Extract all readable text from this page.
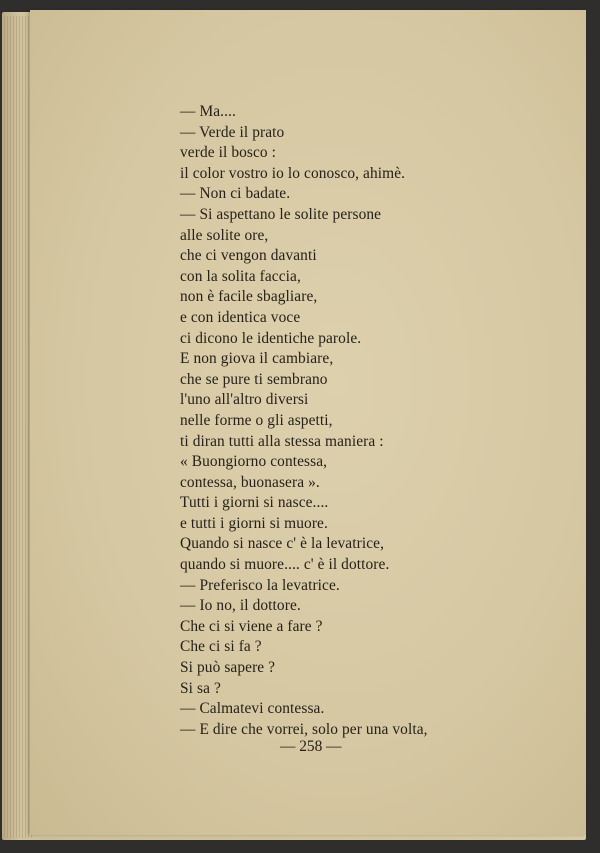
— Ma....
— Verde il prato
verde il bosco :
il color vostro io lo conosco, ahimè.
— Non ci badate.
— Si aspettano le solite persone
alle solite ore,
che ci vengon davanti
con la solita faccia,
non è facile sbagliare,
e con identica voce
ci dicono le identiche parole.
E non giova il cambiare,
che se pure ti sembrano
l'uno all'altro diversi
nelle forme o gli aspetti,
ti diran tutti alla stessa maniera :
« Buongiorno contessa,
contessa, buonasera ».
Tutti i giorni si nasce....
e tutti i giorni si muore.
Quando si nasce c' è la levatrice,
quando si muore.... c' è il dottore.
— Preferisco la levatrice.
— Io no, il dottore.
Che ci si viene a fare ?
Che ci si fa ?
Si può sapere ?
Si sa ?
— Calmatevi contessa.
— E dire che vorrei, solo per una volta,
— 258 —
